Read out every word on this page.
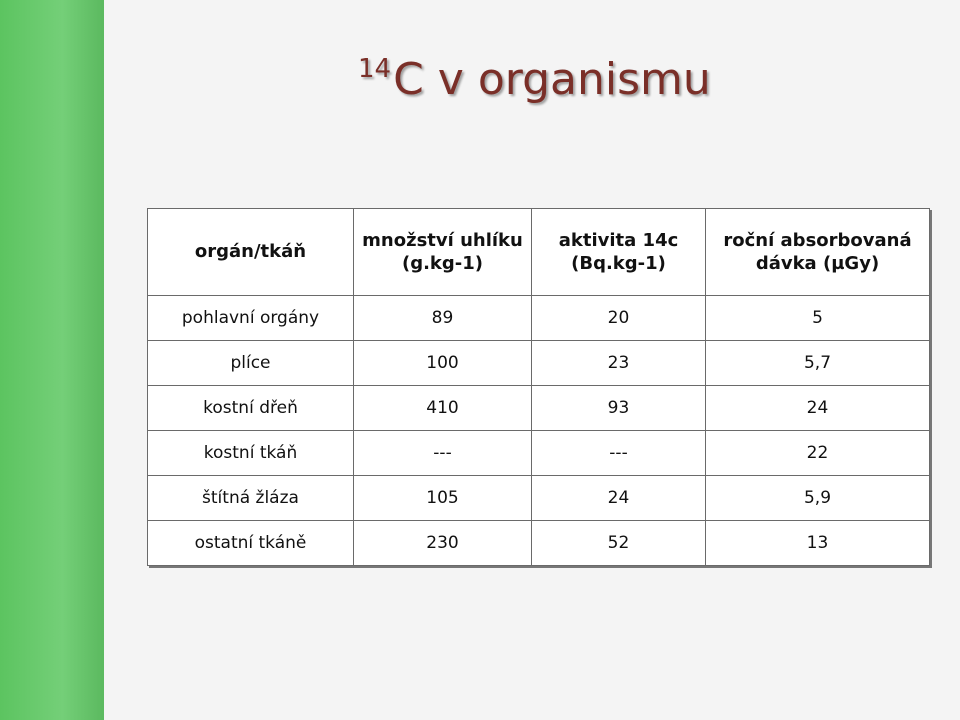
$^{14}$C v organismu
orgán/tkáň	množství uhlíku (g.kg-1)	aktivita 14c (Bq.kg-1)	roční absorbovaná dávka (µGy)
pohlavní orgány	89	20	5
plíce	100	23	5,7
kostní dřeň	410	93	24
kostní tkáň	---	---	22
štítná žláza	105	24	5,9
ostatní tkáně	230	52	13
